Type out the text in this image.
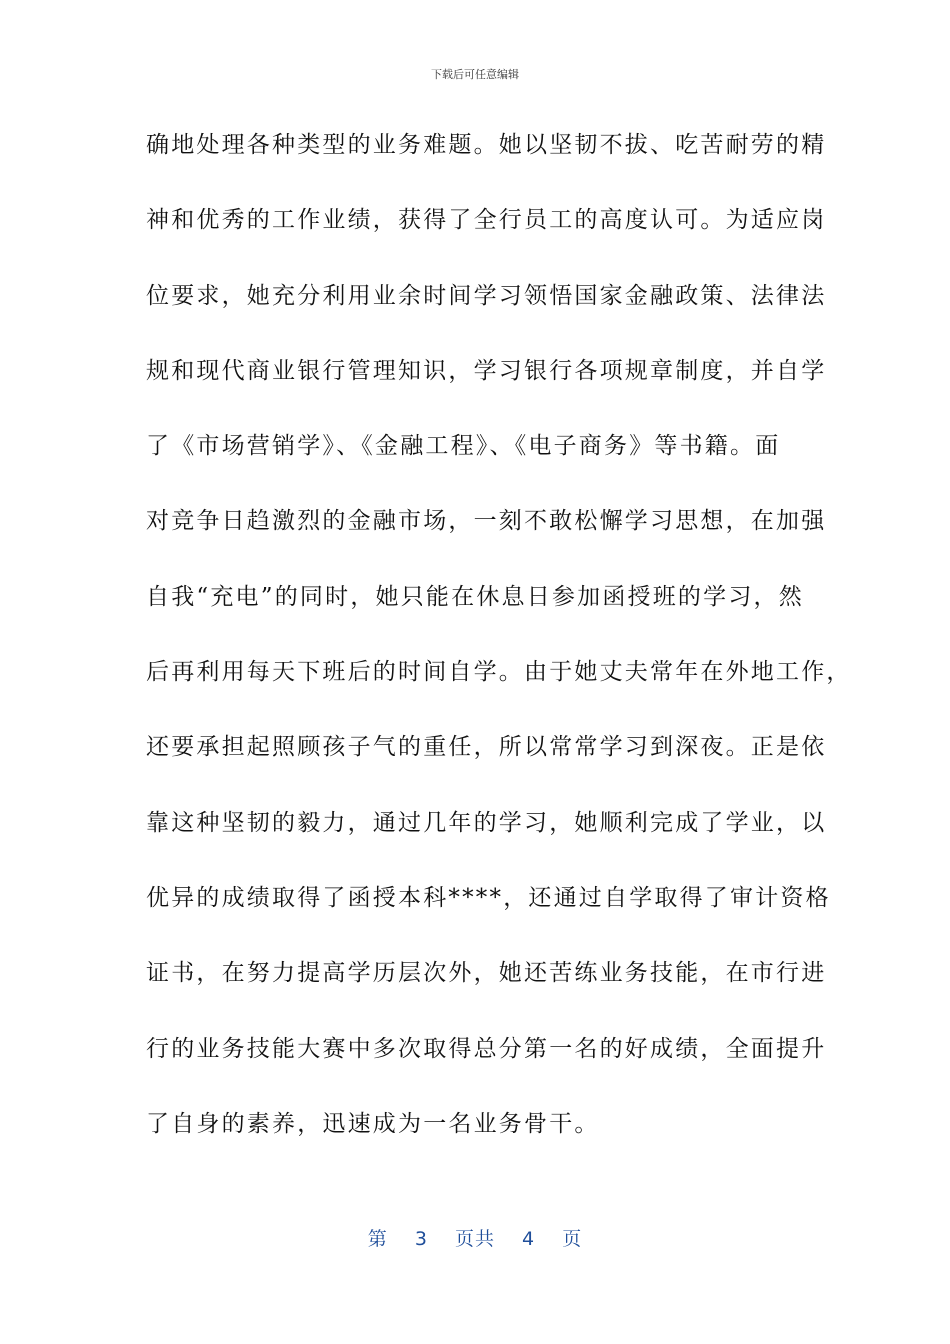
下载后可任意编辑
确地处理各种类型的业务难题。她以坚韧不拔、吃苦耐劳的精
神和优秀的工作业绩，获得了全行员工的高度认可。为适应岗
位要求，她充分利用业余时间学习领悟国家金融政策、法律法
规和现代商业银行管理知识，学习银行各项规章制度，并自学
了《市场营销学》、《金融工程》、《电子商务》等书籍。面
对竞争日趋激烈的金融市场，一刻不敢松懈学习思想，在加强
自我“充电”的同时，她只能在休息日参加函授班的学习，然
后再利用每天下班后的时间自学。由于她丈夫常年在外地工作，
还要承担起照顾孩子气的重任，所以常常学习到深夜。正是依
靠这种坚韧的毅力，通过几年的学习，她顺利完成了学业，以
优异的成绩取得了函授本科****，还通过自学取得了审计资格
证书，在努力提高学历层次外，她还苦练业务技能，在市行进
行的业务技能大赛中多次取得总分第一名的好成绩，全面提升
了自身的素养，迅速成为一名业务骨干。
第 3 页共 4 页
